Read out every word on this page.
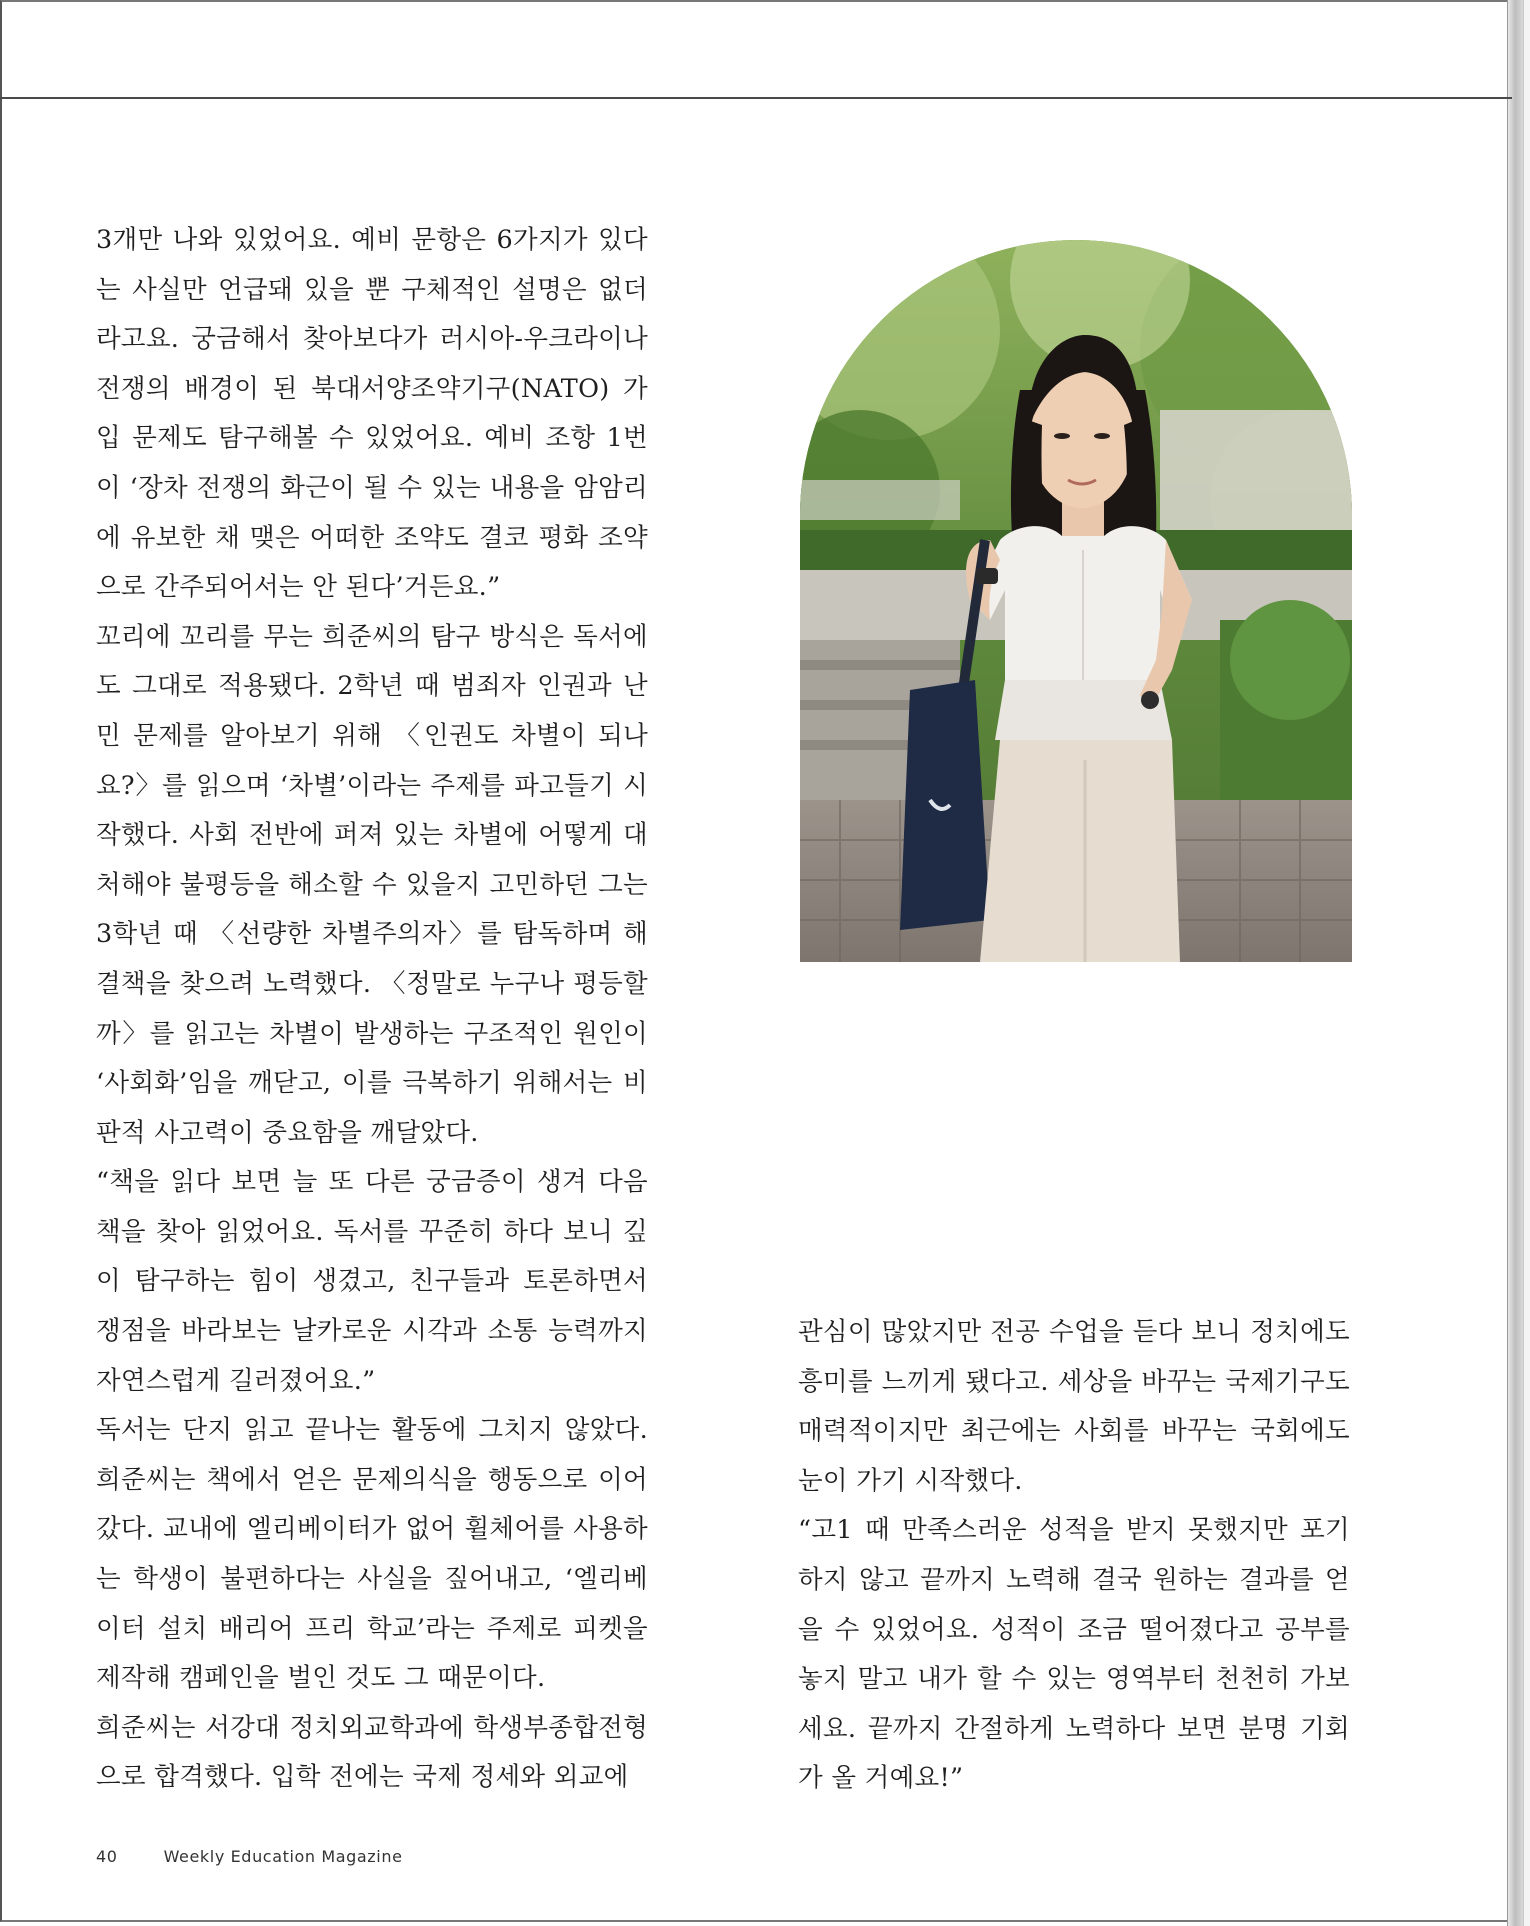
3개만 나와 있었어요. 예비 문항은 6가지가 있다는 사실만 언급돼 있을 뿐 구체적인 설명은 없더라고요. 궁금해서 찾아보다가 러시아-우크라이나 전쟁의 배경이 된 북대서양조약기구(NATO) 가입 문제도 탐구해볼 수 있었어요. 예비 조항 1번이 ‘장차 전쟁의 화근이 될 수 있는 내용을 암암리에 유보한 채 맺은 어떠한 조약도 결코 평화 조약으로 간주되어서는 안 된다’거든요.”

꼬리에 꼬리를 무는 희준씨의 탐구 방식은 독서에도 그대로 적용됐다. 2학년 때 범죄자 인권과 난민 문제를 알아보기 위해 〈인권도 차별이 되나요?〉를 읽으며 ‘차별’이라는 주제를 파고들기 시작했다. 사회 전반에 퍼져 있는 차별에 어떻게 대처해야 불평등을 해소할 수 있을지 고민하던 그는 3학년 때 〈선량한 차별주의자〉를 탐독하며 해결책을 찾으려 노력했다. 〈정말로 누구나 평등할까〉를 읽고는 차별이 발생하는 구조적인 원인이 ‘사회화’임을 깨닫고, 이를 극복하기 위해서는 비판적 사고력이 중요함을 깨달았다.

“책을 읽다 보면 늘 또 다른 궁금증이 생겨 다음 책을 찾아 읽었어요. 독서를 꾸준히 하다 보니 깊이 탐구하는 힘이 생겼고, 친구들과 토론하면서 쟁점을 바라보는 날카로운 시각과 소통 능력까지 자연스럽게 길러졌어요.”

독서는 단지 읽고 끝나는 활동에 그치지 않았다. 희준씨는 책에서 얻은 문제의식을 행동으로 이어갔다. 교내에 엘리베이터가 없어 휠체어를 사용하는 학생이 불편하다는 사실을 짚어내고, ‘엘리베이터 설치 배리어 프리 학교’라는 주제로 피켓을 제작해 캠페인을 벌인 것도 그 때문이다.

희준씨는 서강대 정치외교학과에 학생부종합전형으로 합격했다. 입학 전에는 국제 정세와 외교에

관심이 많았지만 전공 수업을 듣다 보니 정치에도 흥미를 느끼게 됐다고. 세상을 바꾸는 국제기구도 매력적이지만 최근에는 사회를 바꾸는 국회에도 눈이 가기 시작했다.

“고1 때 만족스러운 성적을 받지 못했지만 포기하지 않고 끝까지 노력해 결국 원하는 결과를 얻을 수 있었어요. 성적이 조금 떨어졌다고 공부를 놓지 말고 내가 할 수 있는 영역부터 천천히 가보세요. 끝까지 간절하게 노력하다 보면 분명 기회가 올 거예요!”

40	Weekly Education Magazine
